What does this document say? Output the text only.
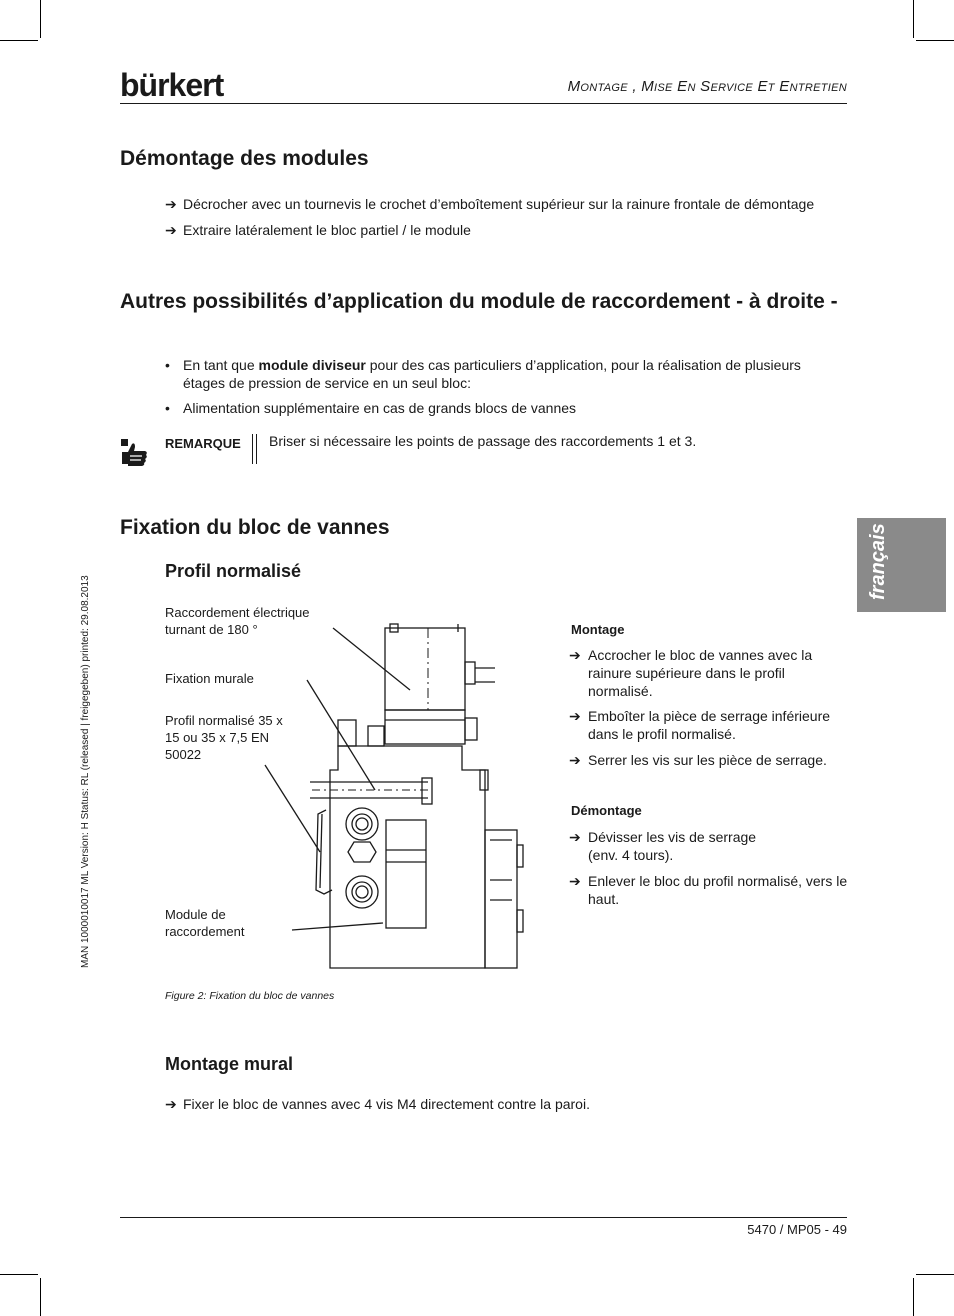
bürkert	Montage , Mise En Service Et Entretien
Démontage des modules
➔ Décrocher avec un tournevis le crochet d’emboîtement supérieur sur la rainure frontale de démontage
➔ Extraire latéralement le bloc partiel / le module
Autres possibilités d’application du module de raccordement - à droite -
• En tant que module diviseur pour des cas particuliers d’application, pour la réalisation de plusieurs étages de pression de service en un seul bloc:
• Alimentation supplémentaire en cas de grands blocs de vannes
REMARQUE Briser si nécessaire les points de passage des raccordements 1 et 3.
Fixation du bloc de vannes
Profil normalisé
Raccordement électrique turnant de 180 °
Fixation murale
Profil normalisé 35 x 15 ou 35 x 7,5 EN 50022
Module de raccordement
Montage
➔ Accrocher le bloc de vannes avec la rainure supérieure dans le profil normalisé.
➔ Emboîter la pièce de serrage inférieure dans le profil normalisé.
➔ Serrer les vis sur les pièce de serrage.
Démontage
➔ Dévisser les vis de serrage (env. 4 tours).
➔ Enlever le bloc du profil normalisé, vers le haut.
Figure 2: Fixation du bloc de vannes
Montage mural
➔ Fixer le bloc de vannes avec 4 vis M4 directement contre la paroi.
français
MAN 1000010017 ML Version: H Status: RL (released | freigegeben) printed: 29.08.2013
5470 / MP05 - 49
